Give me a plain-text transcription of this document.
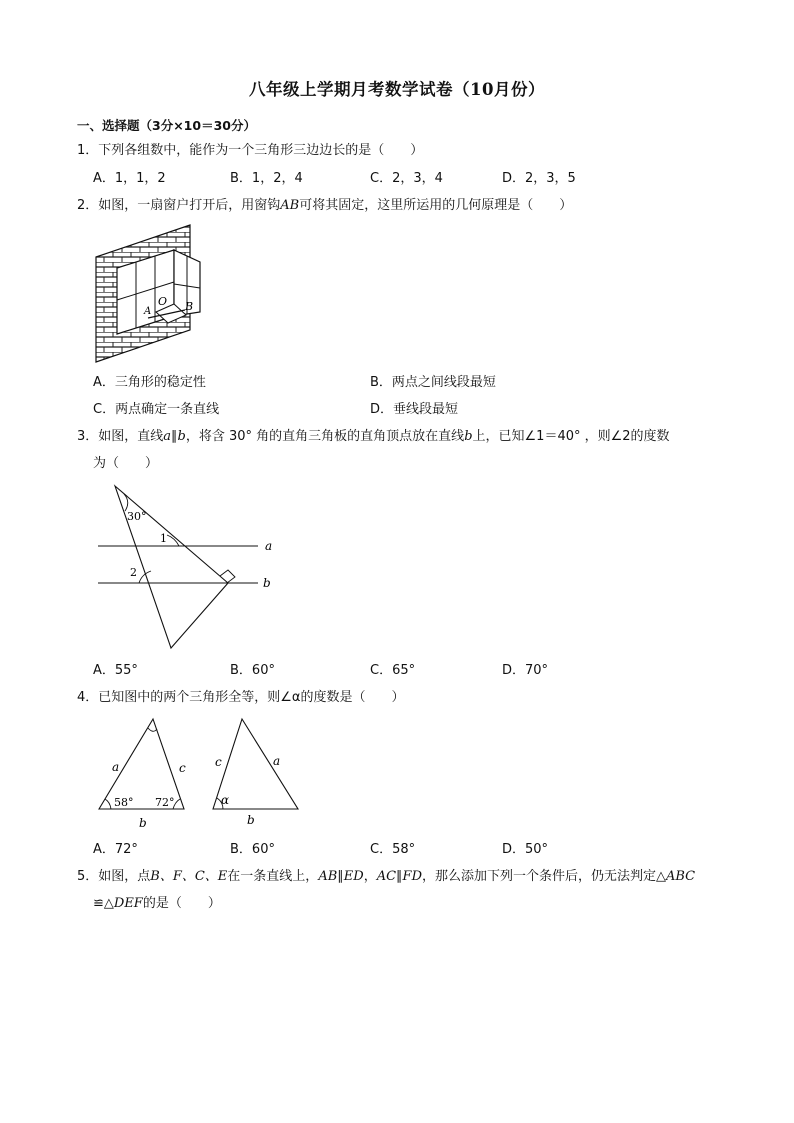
八年级上学期月考数学试卷（10月份）
一、选择题（3分×10＝30分）
1．下列各组数中，能作为一个三角形三边边长的是（　　）
A．1，1，2	B．1，2，4	C．2，3，4	D．2，3，5
2．如图，一扇窗户打开后，用窗钩AB可将其固定，这里所运用的几何原理是（　　）
A
O B
A．三角形的稳定性	B．两点之间线段最短
C．两点确定一条直线	D．垂线段最短
3．如图，直线a∥b，将含 30° 角的直角三角板的直角顶点放在直线b上，已知∠1＝40° ，则∠2的度数
为（　　）
30°
1
2
a
b
A．55°	B．60°	C．65°	D．70°
4．已知图中的两个三角形全等，则∠α的度数是（　　）
a	c
58° 72°
b
c	a
α
b
A．72°	B．60°	C．58°	D．50°
5．如图，点B、F、C、E在一条直线上，AB∥ED，AC∥FD，那么添加下列一个条件后，仍无法判定△ABC
≌△DEF的是（　　）
